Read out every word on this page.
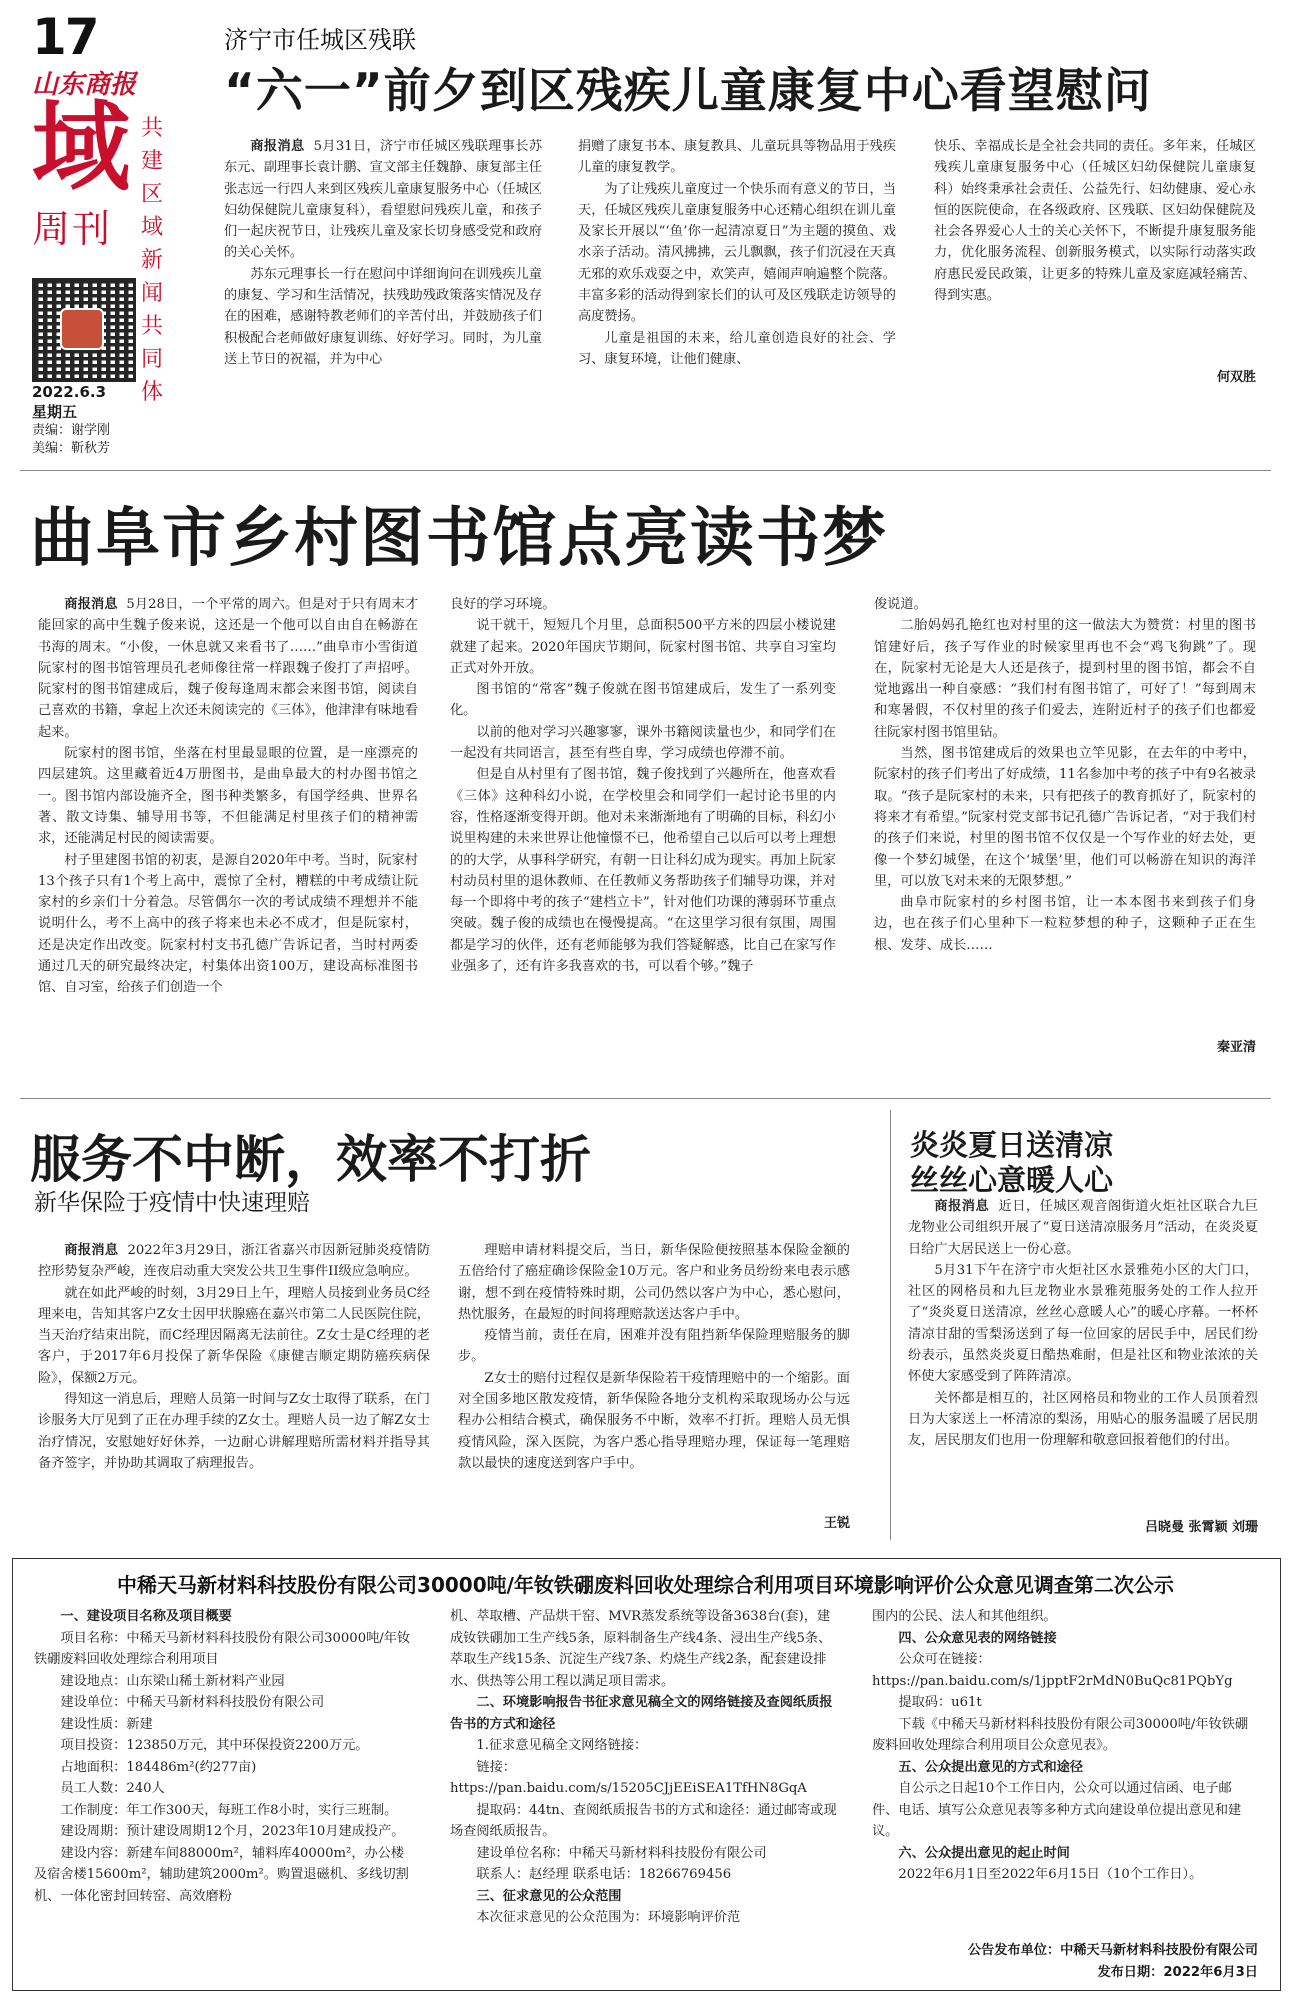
17
山东商报
域 共建区域新闻共同体
周刊
2022.6.3
星期五
责编：谢学刚
美编：靳秋芳
济宁市任城区残联
“六一”前夕到区残疾儿童康复中心看望慰问

商报消息 5月31日，济宁市任城区残联理事长苏东元、副理事长袁计鹏、宣文部主任魏静、康复部主任张志远一行四人来到区残疾儿童康复服务中心（任城区妇幼保健院儿童康复科），看望慰问残疾儿童，和孩子们一起庆祝节日，让残疾儿童及家长切身感受党和政府的关心关怀。

苏东元理事长一行在慰问中详细询问在训残疾儿童的康复、学习和生活情况，扶残助残政策落实情况及存在的困难，感谢特教老师们的辛苦付出，并鼓励孩子们积极配合老师做好康复训练、好好学习。同时，为儿童送上节日的祝福，并为中心

捐赠了康复书本、康复教具、儿童玩具等物品用于残疾儿童的康复教学。

为了让残疾儿童度过一个快乐而有意义的节日，当天，任城区残疾儿童康复服务中心还精心组织在训儿童及家长开展以“‘鱼’你一起清凉夏日”为主题的摸鱼、戏水亲子活动。清风拂拂，云儿飘飘，孩子们沉浸在天真无邪的欢乐戏耍之中，欢笑声，嬉闹声响遍整个院落。丰富多彩的活动得到家长们的认可及区残联走访领导的高度赞扬。

儿童是祖国的未来，给儿童创造良好的社会、学习、康复环境，让他们健康、

快乐、幸福成长是全社会共同的责任。多年来，任城区残疾儿童康复服务中心（任城区妇幼保健院儿童康复科）始终秉承社会责任、公益先行、妇幼健康、爱心永恒的医院使命，在各级政府、区残联、区妇幼保健院及社会各界爱心人士的关心关怀下，不断提升康复服务能力，优化服务流程、创新服务模式，以实际行动落实政府惠民爱民政策，让更多的特殊儿童及家庭减轻痛苦、得到实惠。

何双胜
曲阜市乡村图书馆点亮读书梦

商报消息 5月28日，一个平常的周六。但是对于只有周末才能回家的高中生魏子俊来说，这还是一个他可以自由自在畅游在书海的周末。“小俊，一休息就又来看书了……”曲阜市小雪街道阮家村的图书馆管理员孔老师像往常一样跟魏子俊打了声招呼。阮家村的图书馆建成后，魏子俊每逢周末都会来图书馆，阅读自己喜欢的书籍，拿起上次还未阅读完的《三体》，他津津有味地看起来。

阮家村的图书馆，坐落在村里最显眼的位置，是一座漂亮的四层建筑。这里藏着近4万册图书，是曲阜最大的村办图书馆之一。图书馆内部设施齐全，图书种类繁多，有国学经典、世界名著、散文诗集、辅导用书等，不但能满足村里孩子们的精神需求，还能满足村民的阅读需要。

村子里建图书馆的初衷，是源自2020年中考。当时，阮家村13个孩子只有1个考上高中，震惊了全村，糟糕的中考成绩让阮家村的乡亲们十分着急。尽管偶尔一次的考试成绩不理想并不能说明什么，考不上高中的孩子将来也未必不成才，但是阮家村，还是决定作出改变。阮家村村支书孔德广告诉记者，当时村两委通过几天的研究最终决定，村集体出资100万，建设高标准图书馆、自习室，给孩子们创造一个

良好的学习环境。

说干就干，短短几个月里，总面积500平方米的四层小楼说建就建了起来。2020年国庆节期间，阮家村图书馆、共享自习室均正式对外开放。

图书馆的“常客”魏子俊就在图书馆建成后，发生了一系列变化。

以前的他对学习兴趣寥寥，课外书籍阅读量也少，和同学们在一起没有共同语言，甚至有些自卑，学习成绩也停滞不前。

但是自从村里有了图书馆，魏子俊找到了兴趣所在，他喜欢看《三体》这种科幻小说，在学校里会和同学们一起讨论书里的内容，性格逐渐变得开朗。他对未来渐渐地有了明确的目标，科幻小说里构建的未来世界让他憧憬不已，他希望自己以后可以考上理想的的大学，从事科学研究，有朝一日让科幻成为现实。再加上阮家村动员村里的退休教师、在任教师义务帮助孩子们辅导功课，并对每一个即将中考的孩子“建档立卡”，针对他们功课的薄弱环节重点突破。魏子俊的成绩也在慢慢提高。“在这里学习很有氛围，周围都是学习的伙伴，还有老师能够为我们答疑解惑，比自己在家写作业强多了，还有许多我喜欢的书，可以看个够。”魏子

俊说道。

二胎妈妈孔艳红也对村里的这一做法大为赞赏：村里的图书馆建好后，孩子写作业的时候家里再也不会“鸡飞狗跳”了。现在，阮家村无论是大人还是孩子，提到村里的图书馆，都会不自觉地露出一种自豪感：“我们村有图书馆了，可好了！”每到周末和寒暑假，不仅村里的孩子们爱去，连附近村子的孩子们也都爱往阮家村图书馆里钻。

当然，图书馆建成后的效果也立竿见影，在去年的中考中，阮家村的孩子们考出了好成绩，11名参加中考的孩子中有9名被录取。“孩子是阮家村的未来，只有把孩子的教育抓好了，阮家村的将来才有希望。”阮家村党支部书记孔德广告诉记者，“对于我们村的孩子们来说，村里的图书馆不仅仅是一个写作业的好去处，更像一个梦幻城堡，在这个‘城堡’里，他们可以畅游在知识的海洋里，可以放飞对未来的无限梦想。”

曲阜市阮家村的乡村图书馆，让一本本图书来到孩子们身边，也在孩子们心里种下一粒粒梦想的种子，这颗种子正在生根、发芽、成长……

秦亚清
服务不中断，效率不打折
新华保险于疫情中快速理赔

商报消息 2022年3月29日，浙江省嘉兴市因新冠肺炎疫情防控形势复杂严峻，连夜启动重大突发公共卫生事件II级应急响应。

就在如此严峻的时刻，3月29日上午，理赔人员接到业务员C经理来电，告知其客户Z女士因甲状腺癌在嘉兴市第二人民医院住院，当天治疗结束出院，而C经理因隔离无法前往。Z女士是C经理的老客户，于2017年6月投保了新华保险《康健吉顺定期防癌疾病保险》，保额2万元。

得知这一消息后，理赔人员第一时间与Z女士取得了联系，在门诊服务大厅见到了正在办理手续的Z女士。理赔人员一边了解Z女士治疗情况，安慰她好好休养，一边耐心讲解理赔所需材料并指导其备齐签字，并协助其调取了病理报告。

理赔申请材料提交后，当日，新华保险便按照基本保险金额的五倍给付了癌症确诊保险金10万元。客户和业务员纷纷来电表示感谢，想不到在疫情特殊时期，公司仍然以客户为中心，悉心慰问，热忱服务，在最短的时间将理赔款送达客户手中。

疫情当前，责任在肩，困难并没有阻挡新华保险理赔服务的脚步。

Z女士的赔付过程仅是新华保险若干疫情理赔中的一个缩影。面对全国多地区散发疫情，新华保险各地分支机构采取现场办公与远程办公相结合模式，确保服务不中断，效率不打折。理赔人员无惧疫情风险，深入医院，为客户悉心指导理赔办理，保证每一笔理赔款以最快的速度送到客户手中。

王锐
炎炎夏日送清凉
丝丝心意暖人心

商报消息 近日，任城区观音阁街道火炬社区联合九巨龙物业公司组织开展了“夏日送清凉服务月”活动，在炎炎夏日给广大居民送上一份心意。

5月31下午在济宁市火炬社区水景雅苑小区的大门口，社区的网格员和九巨龙物业水景雅苑服务处的工作人拉开了“炎炎夏日送清凉，丝丝心意暖人心”的暖心序幕。一杯杯清凉甘甜的雪梨汤送到了每一位回家的居民手中，居民们纷纷表示，虽然炎炎夏日酷热难耐，但是社区和物业浓浓的关怀使大家感受到了阵阵清凉。

关怀都是相互的，社区网格员和物业的工作人员顶着烈日为大家送上一杯清凉的梨汤，用贴心的服务温暖了居民朋友，居民朋友们也用一份理解和敬意回报着他们的付出。

吕晓曼 张霄颖 刘珊
中稀天马新材料科技股份有限公司30000吨/年钕铁硼废料回收处理综合利用项目环境影响评价公众意见调查第二次公示

一、建设项目名称及项目概要

项目名称：中稀天马新材料科技股份有限公司30000吨/年钕铁硼废料回收处理综合利用项目

建设地点：山东梁山稀土新材料产业园

建设单位：中稀天马新材料科技股份有限公司

建设性质：新建

项目投资：123850万元，其中环保投资2200万元。

占地面积：184486m²(约277亩)

员工人数：240人

工作制度：年工作300天，每班工作8小时，实行三班制。

建设周期：预计建设周期12个月，2023年10月建成投产。

建设内容：新建车间88000m²，辅料库40000m²，办公楼及宿舍楼15600m²，辅助建筑2000m²。购置退磁机、多线切割机、一体化密封回转窑、高效磨粉

机、萃取槽、产品烘干窑、MVR蒸发系统等设备3638台(套)，建成钕铁硼加工生产线5条，原料制备生产线4条、浸出生产线5条、萃取生产线15条、沉淀生产线7条、灼烧生产线2条，配套建设排水、供热等公用工程以满足项目需求。

二、环境影响报告书征求意见稿全文的网络链接及查阅纸质报告书的方式和途径

1.征求意见稿全文网络链接：

链接：https://pan.baidu.com/s/15205CJjEEiSEA1TfHN8GqA

提取码：44tn、查阅纸质报告书的方式和途径：通过邮寄或现场查阅纸质报告。

建设单位名称：中稀天马新材料科技股份有限公司

联系人：赵经理 联系电话：18266769456

三、征求意见的公众范围

本次征求意见的公众范围为：环境影响评价范

围内的公民、法人和其他组织。

四、公众意见表的网络链接

公众可在链接：https://pan.baidu.com/s/1jpptF2rMdN0BuQc81PQbYg

提取码：u61t

下载《中稀天马新材料科技股份有限公司30000吨/年钕铁硼废料回收处理综合利用项目公众意见表》。

五、公众提出意见的方式和途径

自公示之日起10个工作日内，公众可以通过信函、电子邮件、电话、填写公众意见表等多种方式向建设单位提出意见和建议。

六、公众提出意见的起止时间

2022年6月1日至2022年6月15日（10个工作日）。

公告发布单位：中稀天马新材料科技股份有限公司
发布日期：2022年6月3日
